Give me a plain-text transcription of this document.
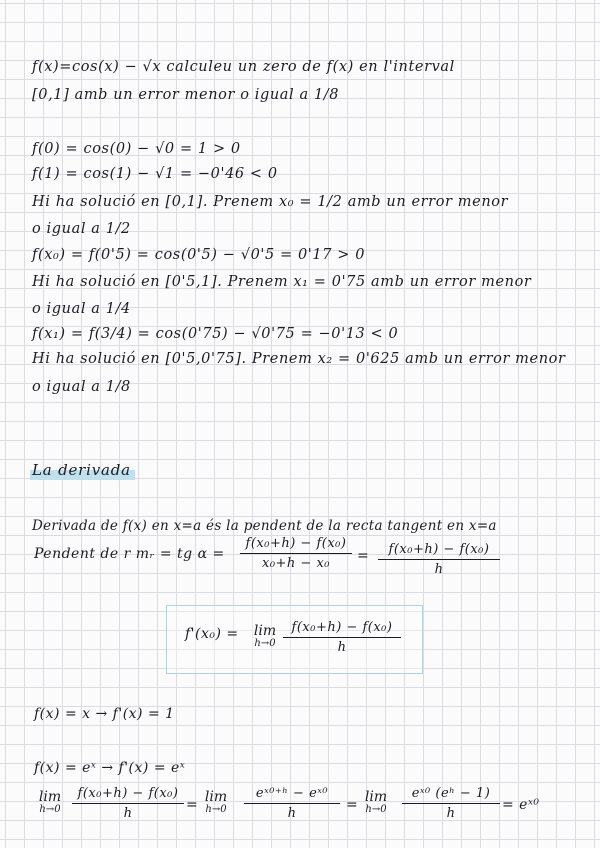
f(x)=cos(x) − √x calculeu un zero de f(x) en l'interval
[0,1] amb un error menor o igual a 1/8
f(0) = cos(0) − √0 = 1 > 0
f(1) = cos(1) − √1 = −0'46 < 0
Hi ha solució en [0,1]. Prenem x₀ = 1/2 amb un error menor
o igual a 1/2
f(x₀) = f(0'5) = cos(0'5) − √0'5 = 0'17 > 0
Hi ha solució en [0'5,1]. Prenem x₁ = 0'75 amb un error menor
o igual a 1/4
f(x₁) = f(3/4) = cos(0'75) − √0'75 = −0'13 < 0
Hi ha solució en [0'5,0'75]. Prenem x₂ = 0'625 amb un error menor
o igual a 1/8
La derivada
Derivada de f(x) en x=a és la pendent de la recta tangent en x=a
Pendent de r mᵣ = tg α =
f(x₀+h) − f(x₀)
x₀+h − x₀	=	f(x₀+h) − f(x₀)
h
f'(x₀) =	lim
h→0
f(x₀+h) − f(x₀)
h
f(x) = x → f'(x) = 1
f(x) = eˣ → f'(x) = eˣ
lim
h→0
f(x₀+h) − f(x₀)
h
= lim
h→0
eˣ⁰⁺ʰ − eˣ⁰
h
= lim
h→0
eˣ⁰ (eʰ − 1)
h
= eˣ⁰
